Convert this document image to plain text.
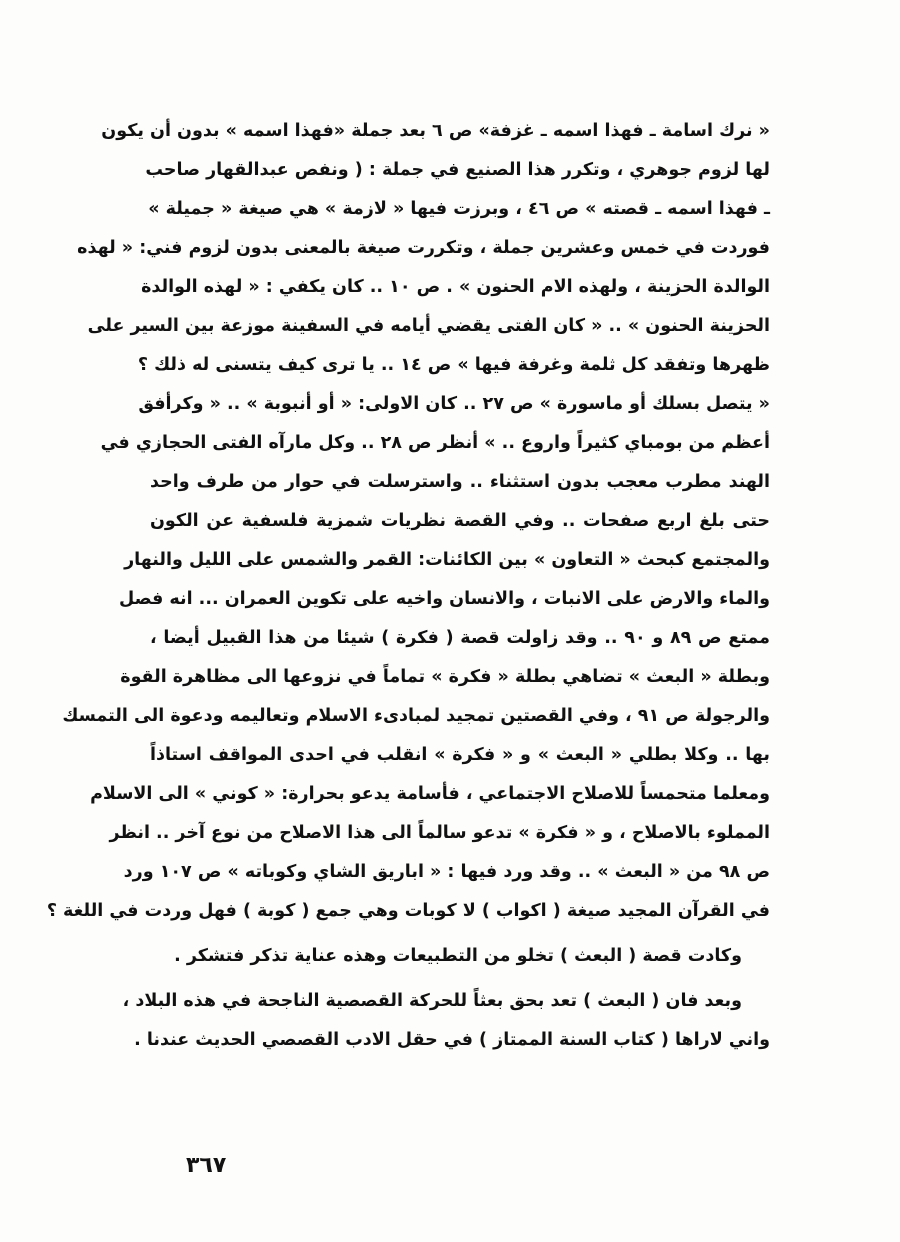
« نرك اسامة ـ فهذا اسمه ـ غزفة» ص ٦ بعد جملة «فهذا اسمه » بدون أن يكون
لها لزوم جوهري ، وتكرر هذا الصنيع في جملة : ( ونفص عبدالقهار صاحب
ـ فهذا اسمه ـ قصته » ص ٤٦ ، وبرزت فيها « لازمة » هي صيغة « جميلة »
فوردت في خمس وعشرين جملة ، وتكررت صيغة بالمعنى بدون لزوم فني: « لهذه
الوالدة الحزينة ، ولهذه الام الحنون » . ص ١٠ .. كان يكفي : « لهذه الوالدة
الحزينة الحنون » .. « كان الفتى يقضي أيامه في السفينة موزعة بين السير على
ظهرها وتفقد كل ثلمة وغرفة فيها » ص ١٤ .. يا ترى كيف يتسنى له ذلك ؟
« يتصل بسلك أو ماسورة » ص ٢٧ .. كان الاولى: « أو أنبوبة » .. « وكرأفق
أعظم من بومباي كثيراً واروع .. » أنظر ص ٢٨ .. وكل مارآه الفتى الحجازي في
الهند مطرب معجب بدون استثناء .. واسترسلت في حوار من طرف واحد
حتى بلغ اربع صفحات .. وفي القصة نظريات شمزية فلسفية عن الكون
والمجتمع كبحث « التعاون » بين الكائنات: القمر والشمس على الليل والنهار
والماء والارض على الانبات ، والانسان واخيه على تكوين العمران ... انه فصل
ممتع ص ٨٩ و ٩٠ .. وقد زاولت قصة ( فكرة ) شيئا من هذا القبيل أيضا ،
وبطلة « البعث » تضاهي بطلة « فكرة » تماماً في نزوعها الى مظاهرة القوة
والرجولة ص ٩١ ، وفي القصتين تمجيد لمبادىء الاسلام وتعاليمه ودعوة الى التمسك
بها .. وكلا بطلي « البعث » و « فكرة » انقلب في احدى المواقف استاذاً
ومعلما متحمساً للاصلاح الاجتماعي ، فأسامة يدعو بحرارة: « كوني » الى الاسلام
المملوء بالاصلاح ، و « فكرة » تدعو سالماً الى هذا الاصلاح من نوع آخر .. انظر
ص ٩٨ من « البعث » .. وقد ورد فيها : « اباريق الشاي وكوباته » ص ١٠٧ ورد
في القرآن المجيد صيغة ( اكواب ) لا كوبات وهي جمع ( كوبة ) فهل وردت في اللغة ؟
وكادت قصة ( البعث ) تخلو من التطبيعات وهذه عناية تذكر فتشكر .
وبعد فان ( البعث ) تعد بحق بعثاً للحركة القصصية الناجحة في هذه البلاد ،
واني لاراها ( كتاب السنة الممتاز ) في حقل الادب القصصي الحديث عندنا .
٣٦٧
